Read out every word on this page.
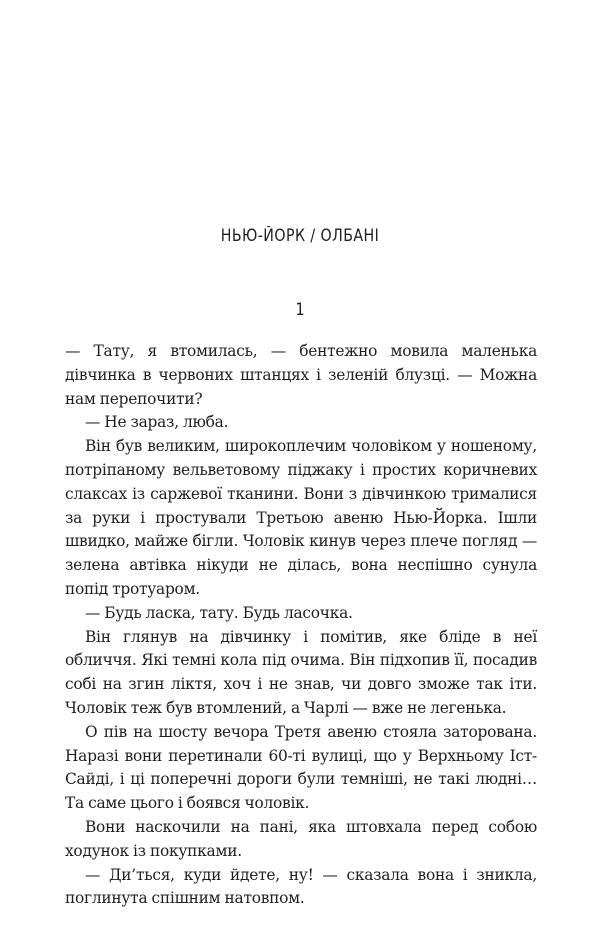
НЬЮ-ЙОРК / ОЛБАНІ
1

— Тату, я втомилась, — бентежно мовила маленька дівчинка в червоних штанцях і зеленій блузці. — Можна нам перепочити?

— Не зараз, люба.

Він був великим, широкоплечим чоловіком у ношеному, потріпаному вельветовому піджаку і простих коричневих слаксах із саржевої тканини. Вони з дівчинкою трималися за руки і простували Третьою авеню Нью-Йорка. Ішли швидко, майже бігли. Чоловік кинув через плече погляд — зелена автівка нікуди не ділась, вона неспішно сунула попід тротуаром.

— Будь ласка, тату. Будь ласочка.

Він глянув на дівчинку і помітив, яке бліде в неї обличчя. Які темні кола під очима. Він підхопив її, посадив собі на згин ліктя, хоч і не знав, чи довго зможе так іти. Чоловік теж був втомлений, а Чарлі — вже не легенька.

О пів на шосту вечора Третя авеню стояла заторована. Наразі вони перетинали 60-ті вулиці, що у Верхньому Іст-Сайді, і ці поперечні дороги були темніші, не такі людні… Та саме цього і боявся чоловік.

Вони наскочили на пані, яка штовхала перед собою ходунок із покупками.

— Ди’ться, куди йдете, ну! — сказала вона і зникла, поглинута спішним натовпом.
